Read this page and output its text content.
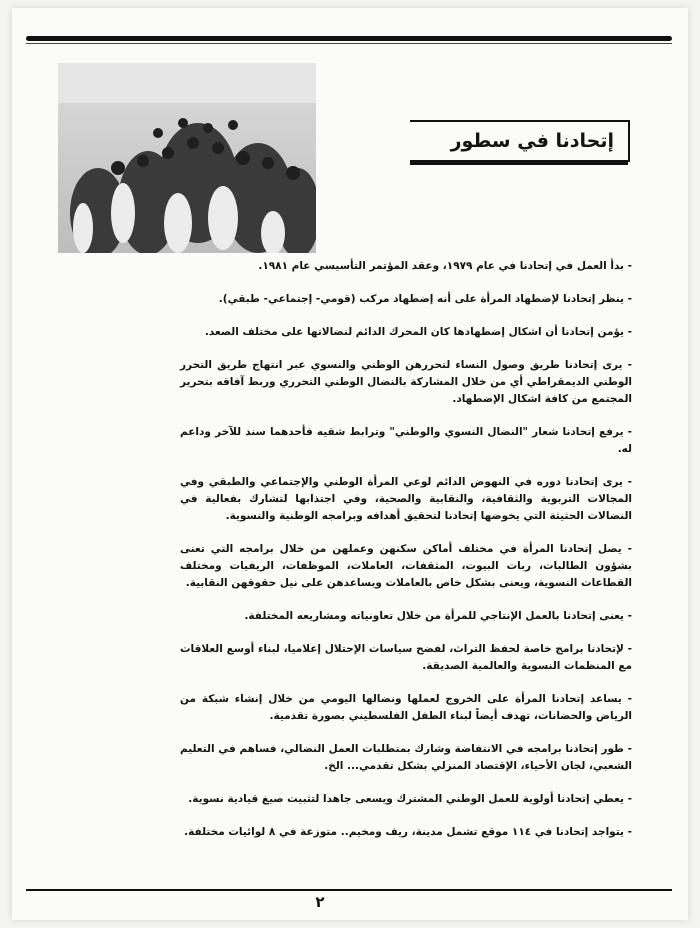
إتحادنا في سطور
- بدأ العمل في إتحادنا في عام ١٩٧٩، وعقد المؤتمر التأسيسي عام ١٩٨١.
- ينظر إتحادنا لإضطهاد المرأة على أنه إضطهاد مركب (قومي- إجتماعي- طبقي).
- يؤمن إتحادنا أن اشكال إضطهادها كان المحرك الدائم لنضالاتها على مختلف الصعد.
- يرى إتحادنا طريق وصول النساء لتحررهن الوطني والنسوي عبر انتهاج طريق التحرر الوطني الديمقراطي أي من خلال المشاركة بالنضال الوطني التحرري وربط آفاقه بتحرير المجتمع من كافة اشكال الإضطهاد.
- يرفع إتحادنا شعار "النضال النسوي والوطني" وترابط شقيه فأحدهما سند للآخر وداعم له.
- يرى إتحادنا دوره في النهوض الدائم لوعي المرأة الوطني والإجتماعي والطبقي وفي المجالات التربوية والثقافية، والنقابية والصحية، وفي اجتذابها لتشارك بفعالية في النضالات الحثيثة التي يخوضها إتحادنا لتحقيق أهدافه وبرامجه الوطنية والنسوية.
- يصل إتحادنا المرأة في مختلف أماكن سكنهن وعملهن من خلال برامجه التي تعنى بشؤون الطالبات، ربات البيوت، المثقفات، العاملات، الموظفات، الريفيات ومختلف القطاعات النسوية، ويعنى بشكل خاص بالعاملات ويساعدهن على نيل حقوقهن النقابية.
- يعنى إتحادنا بالعمل الإنتاجي للمرأة من خلال تعاونياته ومشاريعه المختلفة.
- لإتحادنا برامج خاصة لحفظ التراث، لفضح سياسات الإحتلال إعلاميا، لبناء أوسع العلاقات مع المنظمات النسوية والعالمية الصديقة.
- يساعد إتحادنا المرأة على الخروج لعملها ونضالها اليومي من خلال إنشاء شبكة من الرياض والحضانات، تهدف أيضاً لبناء الطفل الفلسطيني بصورة تقدمية.
- طور إتحادنا برامجه في الانتفاضة وشارك بمتطلبات العمل النضالي، فساهم في التعليم الشعبي، لجان الأحياء، الإقتصاد المنزلي بشكل تقدمي... الخ.
- يعطي إتحادنا أولوية للعمل الوطني المشترك ويسعى جاهدا لتثبيت صيغ قيادية نسوية.
- يتواجد إتحادنا في ١١٤ موقع تشمل مدينة، ريف ومخيم.. متوزعة في ٨ لوائيات مختلفة.
٢
